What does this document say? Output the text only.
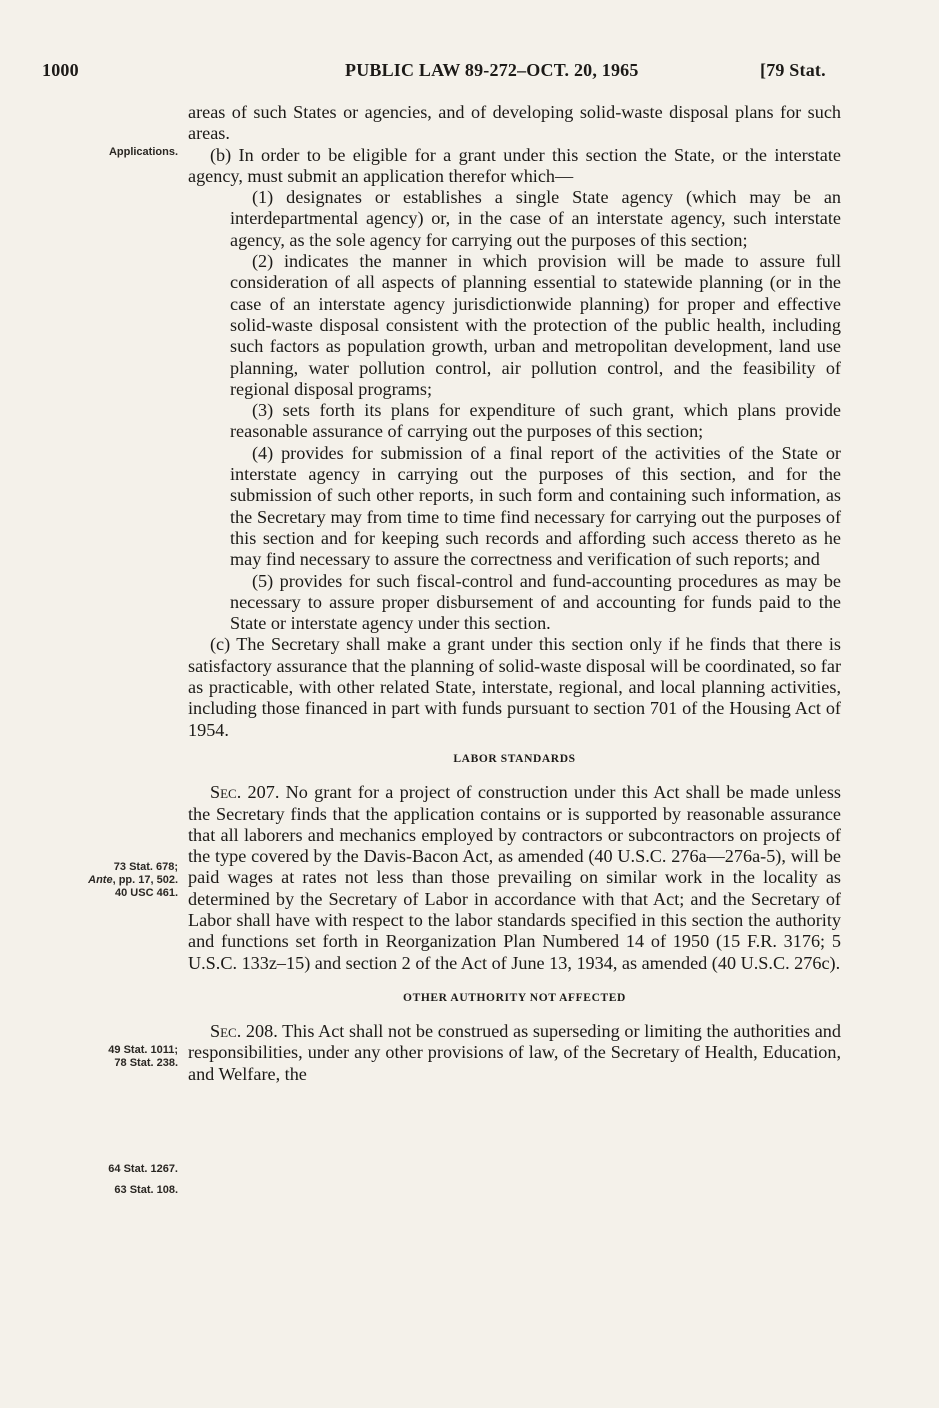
1000	PUBLIC LAW 89-272–OCT. 20, 1965	[79 Stat.
Applications.
73 Stat. 678;
Ante, pp. 17, 502.
40 USC 461.
49 Stat. 1011;
78 Stat. 238.
64 Stat. 1267.
63 Stat. 108.

areas of such States or agencies, and of developing solid-waste disposal plans for such areas.

(b) In order to be eligible for a grant under this section the State, or the interstate agency, must submit an application therefor which—

(1) designates or establishes a single State agency (which may be an interdepartmental agency) or, in the case of an interstate agency, such interstate agency, as the sole agency for carrying out the purposes of this section;

(2) indicates the manner in which provision will be made to assure full consideration of all aspects of planning essential to statewide planning (or in the case of an interstate agency jurisdictionwide planning) for proper and effective solid-waste disposal consistent with the protection of the public health, including such factors as population growth, urban and metropolitan development, land use planning, water pollution control, air pollution control, and the feasibility of regional disposal programs;

(3) sets forth its plans for expenditure of such grant, which plans provide reasonable assurance of carrying out the purposes of this section;

(4) provides for submission of a final report of the activities of the State or interstate agency in carrying out the purposes of this section, and for the submission of such other reports, in such form and containing such information, as the Secretary may from time to time find necessary for carrying out the purposes of this section and for keeping such records and affording such access thereto as he may find necessary to assure the correctness and verification of such reports; and

(5) provides for such fiscal-control and fund-accounting procedures as may be necessary to assure proper disbursement of and accounting for funds paid to the State or interstate agency under this section.

(c) The Secretary shall make a grant under this section only if he finds that there is satisfactory assurance that the planning of solid-waste disposal will be coordinated, so far as practicable, with other related State, interstate, regional, and local planning activities, including those financed in part with funds pursuant to section 701 of the Housing Act of 1954.

LABOR STANDARDS

Sec. 207. No grant for a project of construction under this Act shall be made unless the Secretary finds that the application contains or is supported by reasonable assurance that all laborers and mechanics employed by contractors or subcontractors on projects of the type covered by the Davis-Bacon Act, as amended (40 U.S.C. 276a—276a-5), will be paid wages at rates not less than those prevailing on similar work in the locality as determined by the Secretary of Labor in accordance with that Act; and the Secretary of Labor shall have with respect to the labor standards specified in this section the authority and functions set forth in Reorganization Plan Numbered 14 of 1950 (15 F.R. 3176; 5 U.S.C. 133z–15) and section 2 of the Act of June 13, 1934, as amended (40 U.S.C. 276c).

OTHER AUTHORITY NOT AFFECTED

Sec. 208. This Act shall not be construed as superseding or limiting the authorities and responsibilities, under any other provisions of law, of the Secretary of Health, Education, and Welfare, the
